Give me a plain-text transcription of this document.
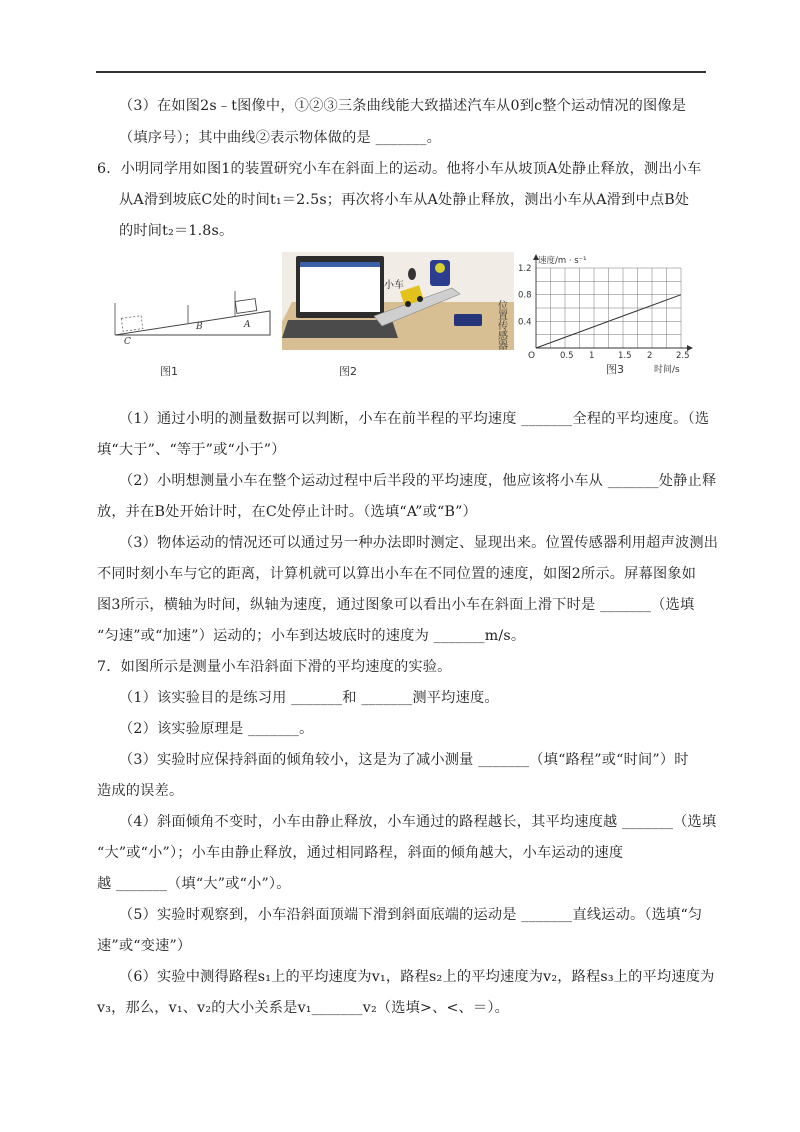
（3）在如图2s﹣t图像中，①②③三条曲线能大致描述汽车从0到c整个运动情况的图像是
（填序号）；其中曲线②表示物体做的是 _______。
6．小明同学用如图1的装置研究小车在斜面上的运动。他将小车从坡顶A处静止释放，测出小车
从A滑到坡底C处的时间t₁＝2.5s；再次将小车从A处静止释放，测出小车从A滑到中点B处
的时间t₂＝1.8s。
A
B
C
图1
小车
位
置
传
感
器
图2
0.5 1	1.5 2	2.5
0.4
0.8
1.2
O
速度/m · s⁻¹
时间/s
图3
（1）通过小明的测量数据可以判断，小车在前半程的平均速度 _______全程的平均速度。（选
填“大于”、“等于”或“小于”）
（2）小明想测量小车在整个运动过程中后半段的平均速度，他应该将小车从 _______处静止释
放，并在B处开始计时，在C处停止计时。（选填“A”或“B”）
（3）物体运动的情况还可以通过另一种办法即时测定、显现出来。位置传感器利用超声波测出
不同时刻小车与它的距离，计算机就可以算出小车在不同位置的速度，如图2所示。屏幕图象如
图3所示，横轴为时间，纵轴为速度，通过图象可以看出小车在斜面上滑下时是 _______（选填
“匀速”或“加速”）运动的；小车到达坡底时的速度为 _______m/s。
7．如图所示是测量小车沿斜面下滑的平均速度的实验。
（1）该实验目的是练习用 _______和 _______测平均速度。
（2）该实验原理是 _______。
（3）实验时应保持斜面的倾角较小，这是为了减小测量 _______（填“路程”或“时间”）时
造成的误差。
（4）斜面倾角不变时，小车由静止释放，小车通过的路程越长，其平均速度越 _______（选填
“大”或“小”）；小车由静止释放，通过相同路程，斜面的倾角越大，小车运动的速度
越 _______（填“大”或“小”）。
（5）实验时观察到，小车沿斜面顶端下滑到斜面底端的运动是 _______直线运动。（选填“匀
速”或“变速”）
（6）实验中测得路程s₁上的平均速度为v₁，路程s₂上的平均速度为v₂，路程s₃上的平均速度为
v₃，那么，v₁、v₂的大小关系是v₁_______v₂（选填>、<、＝）。
